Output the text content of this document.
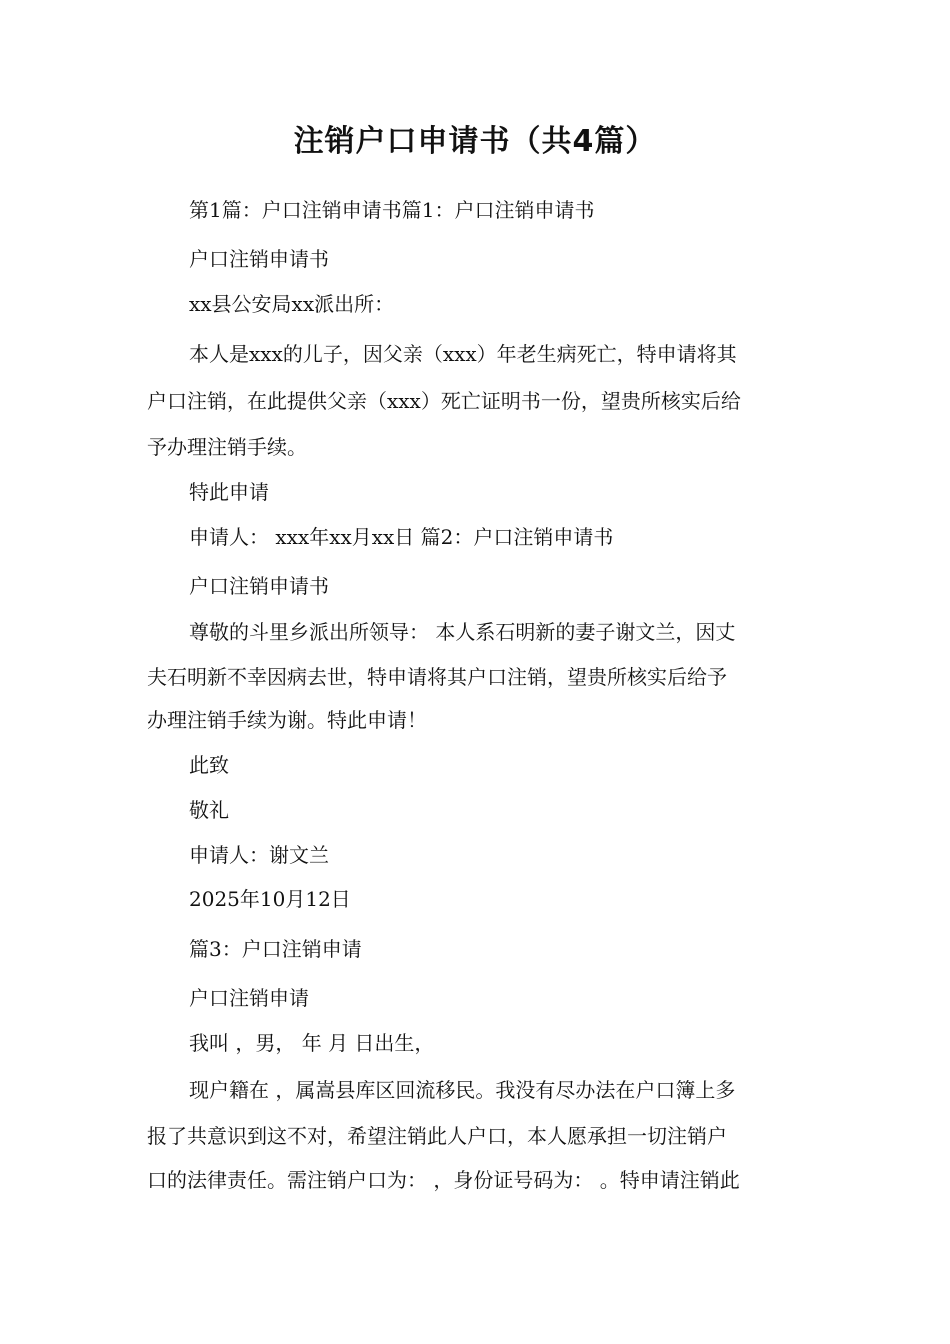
注销户口申请书（共4篇）

第1篇：户口注销申请书篇1：户口注销申请书

户口注销申请书

xx县公安局xx派出所：

本人是xxx的儿子，因父亲（xxx）年老生病死亡，特申请将其

户口注销，在此提供父亲（xxx）死亡证明书一份，望贵所核实后给

予办理注销手续。

特此申请

申请人： xxx年xx月xx日 篇2：户口注销申请书

户口注销申请书

尊敬的斗里乡派出所领导： 本人系石明新的妻子谢文兰，因丈

夫石明新不幸因病去世，特申请将其户口注销，望贵所核实后给予

办理注销手续为谢。特此申请！

此致

敬礼

申请人：谢文兰

2025年10月12日

篇3：户口注销申请

户口注销申请

我叫 ，男， 年 月 日出生，

现户籍在 ，属嵩县库区回流移民。我没有尽办法在户口簿上多

报了共意识到这不对，希望注销此人户口，本人愿承担一切注销户

口的法律责任。需注销户口为： ，身份证号码为： 。特申请注销此
